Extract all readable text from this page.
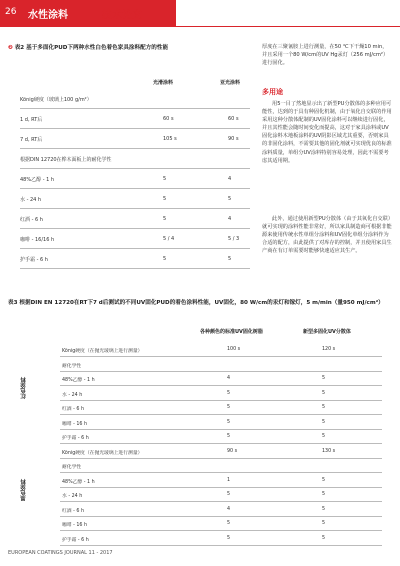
26 水性涂料	技术论文
❷ 表2 基于多面化PUD下两种水性白色着色家具涂料配方的性能
光滑涂料	亚光涂料
König硬度（玻璃上100 g/m²）
1 d, RT后	60 s	60 s
7 d, RT后	105 s	90 s
根据DIN 12720在桦木面板上的耐化学性
48%乙醇 - 1 h	5	4
水 - 24 h	5	5
红酒 - 6 h	5	4
咖啡 - 16/16 h	5 / 4	5 / 3
护手霜 - 6 h	5	5
厚度在三聚氰胺上进行测量，在50 ℃下干燥10 min，并且采用一个80 W/cm的UV Hg汞灯（256 mJ/cm²）进行固化。
多用途
用5一目了然地显示出了新型PU分散体的多种应用可能性，达到的于具有种固化机制，由于氧化自交联的作用采用这种分散体配制的UV固化涂料可以继续进行固化，并且其性能会随时间变化而提高，这对于家具涂料或UV固化涂料木地板涂料的UV阴影区域尤其重要，否则家具的非固化涂料，不需要其他的固化剂就可实现优良的标准涂料质量，单组分UV涂料特别容易处理，因此不需要考虑其适用期。
此外，通过使用新型PU分散体（由于其氧化自交联）就可实现的涂料性能非常好，所以家具制造商可根据非能源来使用传统水性单组分涂料和UV固化单组分涂料作为合适的配方，由此提供了对库存的控制，并且使用家具生产商在有订单需要时能够快速适应其生产。
表3 根据DIN EN 12720在RT下7 d后测试的不同UV固化PUD的着色涂料性能，UV固化，80 W/cm的汞灯和镓灯，5 m/min（量950 mJ/cm²）
各种颜色的标准UV固化树脂	新型多固化UV分散体
König硬度（在抛光玻璃上进行测量）	100 s	120 s
耐化学性
48%乙醇 - 1 h	4	5
水 - 24 h	5	5
红酒 - 6 h	5	5
咖啡 - 16 h	5	5
护手霜 - 6 h	5	5
红色涂料
König硬度（在抛光玻璃上进行测量）	90 s	130 s
耐化学性
48%乙醇 - 1 h	1	5
水 - 24 h	5	5
红酒 - 6 h	4	5
咖啡 - 16 h	5	5
护手霜 - 6 h	5	5
黑色涂料
EUROPEAN COATINGS JOURNAL 11 - 2017
